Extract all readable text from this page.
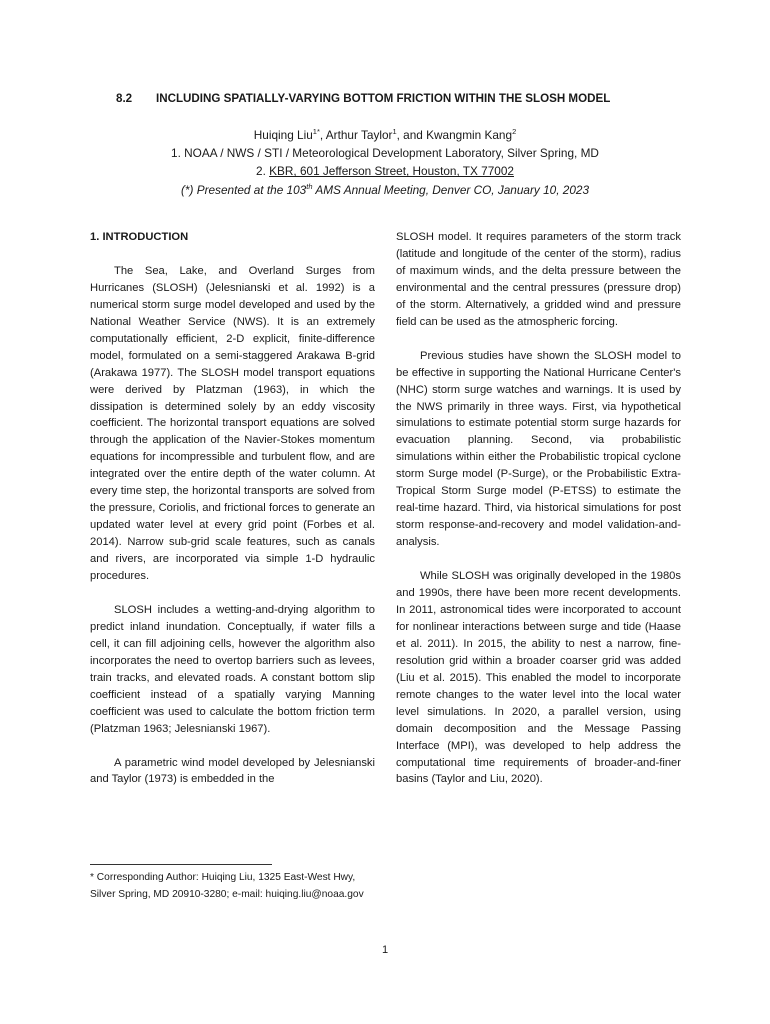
8.2 INCLUDING SPATIALLY-VARYING BOTTOM FRICTION WITHIN THE SLOSH MODEL
Huiqing Liu$^{1*}$, Arthur Taylor$^1$, and Kwangmin Kang$^2$
1. NOAA / NWS / STI / Meteorological Development Laboratory, Silver Spring, MD
2. KBR, 601 Jefferson Street, Houston, TX 77002
(*) Presented at the 103th AMS Annual Meeting, Denver CO, January 10, 2023
1. INTRODUCTION

The Sea, Lake, and Overland Surges from Hurricanes (SLOSH) (Jelesnianski et al. 1992) is a numerical storm surge model developed and used by the National Weather Service (NWS). It is an extremely computationally efficient, 2-D explicit, finite-difference model, formulated on a semi-staggered Arakawa B-grid (Arakawa 1977). The SLOSH model transport equations were derived by Platzman (1963), in which the dissipation is determined solely by an eddy viscosity coefficient. The horizontal transport equations are solved through the application of the Navier-Stokes momentum equations for incompressible and turbulent flow, and are integrated over the entire depth of the water column. At every time step, the horizontal transports are solved from the pressure, Coriolis, and frictional forces to generate an updated water level at every grid point (Forbes et al. 2014). Narrow sub-grid scale features, such as canals and rivers, are incorporated via simple 1-D hydraulic procedures.

SLOSH includes a wetting-and-drying algorithm to predict inland inundation. Conceptually, if water fills a cell, it can fill adjoining cells, however the algorithm also incorporates the need to overtop barriers such as levees, train tracks, and elevated roads. A constant bottom slip coefficient instead of a spatially varying Manning coefficient was used to calculate the bottom friction term (Platzman 1963; Jelesnianski 1967).

A parametric wind model developed by Jelesnianski and Taylor (1973) is embedded in the

SLOSH model. It requires parameters of the storm track (latitude and longitude of the center of the storm), radius of maximum winds, and the delta pressure between the environmental and the central pressures (pressure drop) of the storm. Alternatively, a gridded wind and pressure field can be used as the atmospheric forcing.

Previous studies have shown the SLOSH model to be effective in supporting the National Hurricane Center's (NHC) storm surge watches and warnings. It is used by the NWS primarily in three ways. First, via hypothetical simulations to estimate potential storm surge hazards for evacuation planning. Second, via probabilistic simulations within either the Probabilistic tropical cyclone storm Surge model (P-Surge), or the Probabilistic Extra-Tropical Storm Surge model (P-ETSS) to estimate the real-time hazard. Third, via historical simulations for post storm response-and-recovery and model validation-and-analysis.

While SLOSH was originally developed in the 1980s and 1990s, there have been more recent developments. In 2011, astronomical tides were incorporated to account for nonlinear interactions between surge and tide (Haase et al. 2011). In 2015, the ability to nest a narrow, fine-resolution grid within a broader coarser grid was added (Liu et al. 2015). This enabled the model to incorporate remote changes to the water level into the local water level simulations. In 2020, a parallel version, using domain decomposition and the Message Passing Interface (MPI), was developed to help address the computational time requirements of broader-and-finer basins (Taylor and Liu, 2020).

* Corresponding Author: Huiqing Liu, 1325 East-West Hwy, Silver Spring, MD 20910-3280; e-mail: huiqing.liu@noaa.gov

1
